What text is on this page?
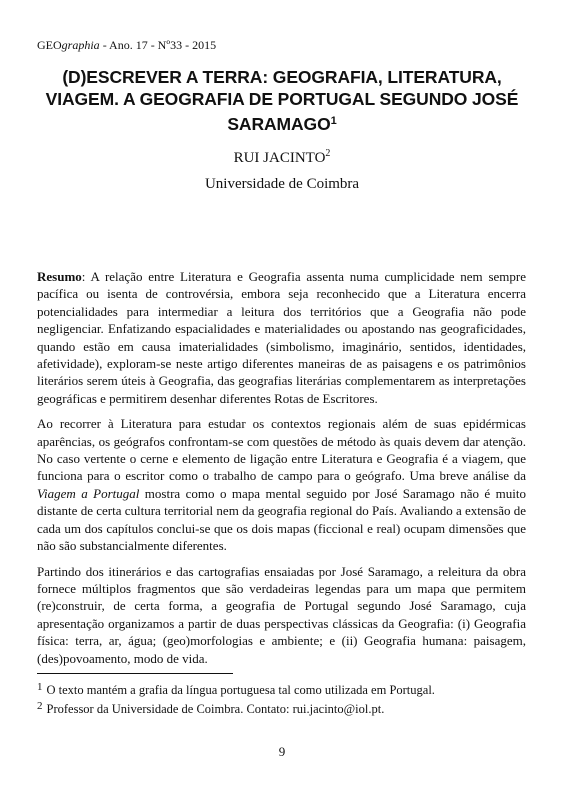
GEOgraphia - Ano. 17 - Nº33 - 2015
(D)ESCREVER A TERRA: GEOGRAFIA, LITERATURA, VIAGEM. A GEOGRAFIA DE PORTUGAL SEGUNDO JOSÉ SARAMAGO$^1$
RUI JACINTO$^2$
Universidade de Coimbra

Resumo: A relação entre Literatura e Geografia assenta numa cumplicidade nem sempre pacífica ou isenta de controvérsia, embora seja reconhecido que a Literatura encerra potencialidades para intermediar a leitura dos territórios que a Geografia não pode negligenciar. Enfatizando espacialidades e materialidades ou apostando nas geograficidades, quando estão em causa imaterialidades (simbolismo, imaginário, sentidos, identidades, afetividade), exploram-se neste artigo diferentes maneiras de as paisagens e os patrimônios literários serem úteis à Geografia, das geografias literárias complementarem as interpretações geográficas e permitirem desenhar diferentes Rotas de Escritores.

Ao recorrer à Literatura para estudar os contextos regionais além de suas epidérmicas aparências, os geógrafos confrontam-se com questões de método às quais devem dar atenção. No caso vertente o cerne e elemento de ligação entre Literatura e Geografia é a viagem, que funciona para o escritor como o trabalho de campo para o geógrafo. Uma breve análise da Viagem a Portugal mostra como o mapa mental seguido por José Saramago não é muito distante de certa cultura territorial nem da geografia regional do País. Avaliando a extensão de cada um dos capítulos conclui-se que os dois mapas (ficcional e real) ocupam dimensões que não são substancialmente diferentes.

Partindo dos itinerários e das cartografias ensaiadas por José Saramago, a releitura da obra fornece múltiplos fragmentos que são verdadeiras legendas para um mapa que permitem (re)construir, de certa forma, a geografia de Portugal segundo José Saramago, cuja apresentação organizamos a partir de duas perspectivas clássicas da Geografia: (i) Geografia física: terra, ar, água; (geo)morfologias e ambiente; e (ii) Geografia humana: paisagem, (des)povoamento, modo de vida.

$^1$ O texto mantém a grafia da língua portuguesa tal como utilizada em Portugal.
$^2$ Professor da Universidade de Coimbra. Contato: rui.jacinto@iol.pt.
9
